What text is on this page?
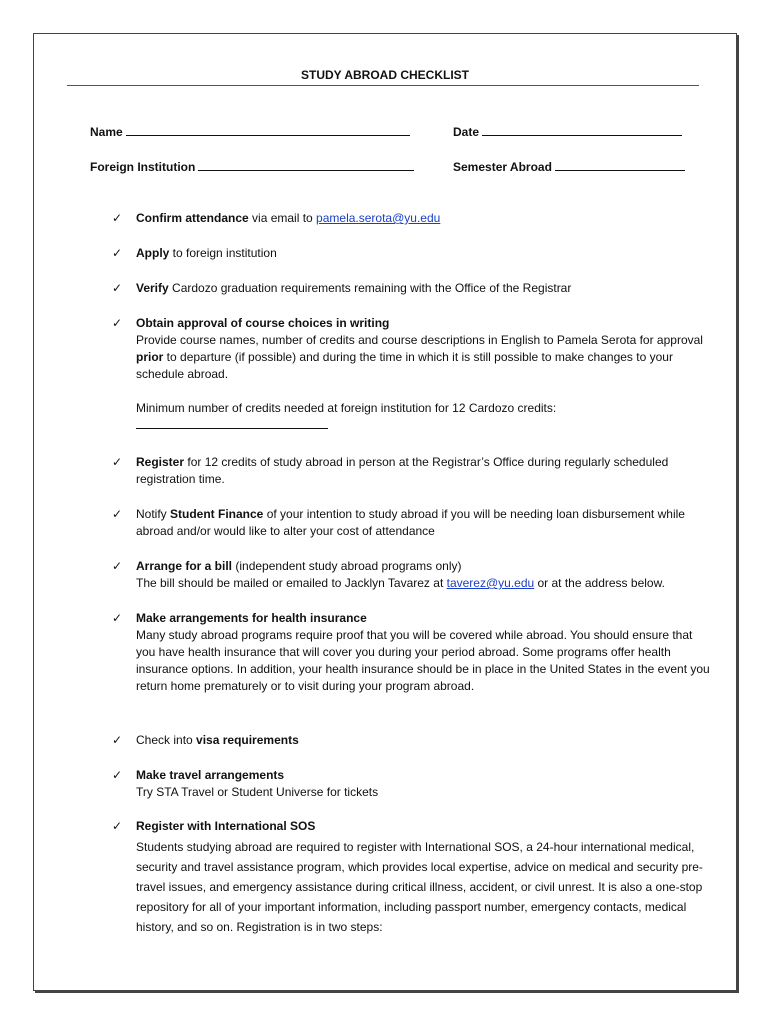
STUDY ABROAD CHECKLIST
Name	Date
Foreign Institution	Semester Abroad
✓	Confirm attendance via email to pamela.serota@yu.edu
✓	Apply to foreign institution
✓	Verify Cardozo graduation requirements remaining with the Office of the Registrar
✓	Obtain approval of course choices in writing

Provide course names, number of credits and course descriptions in English to Pamela Serota for approval prior to departure (if possible) and during the time in which it is still possible to make changes to your schedule abroad.

Minimum number of credits needed at foreign institution for 12 Cardozo credits:
✓	Register for 12 credits of study abroad in person at the Registrar’s Office during regularly scheduled registration time.
✓	Notify Student Finance of your intention to study abroad if you will be needing loan disbursement while abroad and/or would like to alter your cost of attendance
✓	Arrange for a bill (independent study abroad programs only)
The bill should be mailed or emailed to Jacklyn Tavarez at taverez@yu.edu or at the address below.
✓	Make arrangements for health insurance

Many study abroad programs require proof that you will be covered while abroad. You should ensure that you have health insurance that will cover you during your period abroad. Some programs offer health insurance options. In addition, your health insurance should be in place in the United States in the event you return home prematurely or to visit during your program abroad.

✓	Check into visa requirements
✓	Make travel arrangements
Try STA Travel or Student Universe for tickets
✓	Register with International SOS

Students studying abroad are required to register with International SOS, a 24-hour international medical, security and travel assistance program, which provides local expertise, advice on medical and security pre-travel issues, and emergency assistance during critical illness, accident, or civil unrest. It is also a one-stop repository for all of your important information, including passport number, emergency contacts, medical history, and so on. Registration is in two steps:
